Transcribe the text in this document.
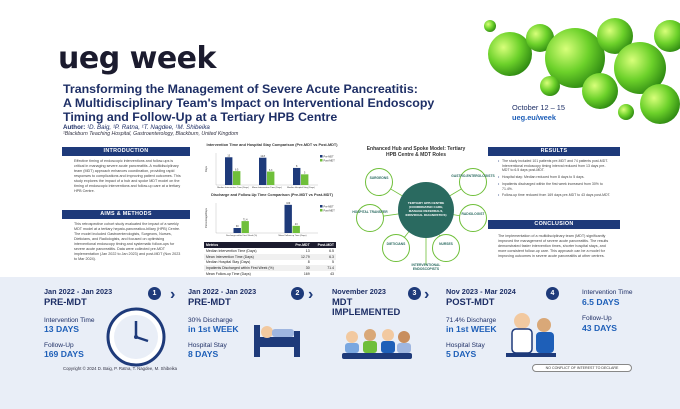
ueg week
Transforming the Management of Severe Acute Pancreatitis:
A Multidisciplinary Team's Impact on Interventional Endoscopy
Timing and Follow-Up at a Tertiary HPB Centre
Author: ¹D. Baig, ¹P. Ratna, ¹T. Nagdee, ¹M. Shibeika
¹Blackburn Teaching Hospital, Gastroenterology, Blackburn, United Kingdom
October 12 – 15
ueg.eu/week
INTRODUCTION
Effective timing of endoscopic interventions and follow-ups is critical in managing severe acute pancreatitis. A multidisciplinary team (MDT) approach enhances coordination, providing rapid responses to complications and improving patient outcomes. This study explores the impact of a hub and spoke MDT model on the timing of endoscopic interventions and follow-up care at a tertiary HPB Centre.
AIMS & METHODS
This retrospective cohort study evaluated the impact of a weekly MDT model at a tertiary hepato-pancreatico-biliary (HPB) Centre. The model included Gastroenterologists, Surgeons, Nurses, Dieticians, and Radiologists, and focused on optimising interventional endoscopy timing and systematic follow-ups for severe acute pancreatitis. Data were collected pre-MDT implementation (Jan 2022 to Jan 2023) and post-MDT (Nov 2023 to Mar 2024).
Intervention Time and Hospital Stay Comparison (Pre-MDT vs Post-MDT)
Days
13
6.5
Median Intervention Time (Days)
12.8
6.3
Mean Intervention Time (Days)
8
5
Median Hospital Stay (Days)
Pre-MDT
Post-MDT
Discharge and Follow-Up Time Comparison (Pre-MDT vs Post-MDT)
Percentage/Days	30
71.4
Discharge within First Week (%)
169
43
Mean Follow-up Time (Days)
Pre-MDT
Post-MDT
Metrics	Pre-MDT	Post-MDT
Median Intervention Time (Days)	13	6.5
Mean Intervention Time (Days)	12.79	6.3
Median Hospital Stay (Days)	8	5
Inpatients Discharged within First Week (%)	30	71.4
Mean Follow-up Time (Days)	169	43
Enhanced Hub and Spoke Model: Tertiary HPB Centre & MDT Roles
SURGEONS	GASTRO-ENTEROLOGISTS
RADIOLOGIST
NURSES
DIETICIANS
HOSPITAL TRANSFER
INTERVENTIONAL ENDOSCOPISTS
TERTIARY HPB CENTRE (COORDINATED CARE, MANAGE REFERRALS, INDIVIDUAL DIAGNOSTICS)
RESULTS
• The study included 101 patients pre-MDT and 74 patients post-MDT. Interventional endoscopy timing interval reduced from 13 days pre-MDT to 6.5 days post-MDT.
• Hospital stay: Median reduced from 8 days to 5 days.
• Inpatients discharged within the first week increased from 30% to 71.4%.
• Follow-up time reduced from 169 days pre-MDT to 43 days post-MDT.
CONCLUSION
The implementation of a multidisciplinary team (MDT) significantly improved the management of severe acute pancreatitis. The results demonstrated faster intervention times, shorter hospital stays, and more consistent follow-up care. This approach can be a model for improving outcomes in severe acute pancreatitis at other centres.
Jan 2022 - Jan 2023
PRE-MDT
1
Intervention Time
13 DAYS
Follow-Up
169 DAYS
› Jan 2022 - Jan 2023
PRE-MDT
2
30% Discharge
in 1st WEEK
Hospital Stay
8 DAYS
›	November 2023
MDT
IMPLEMENTED
3 › Nov 2023 - Mar 2024
POST-MDT
4
71.4% Discharge
in 1st WEEK
Hospital Stay
5 DAYS
Intervention Time
6.5 DAYS
Follow-Up
43 DAYS
Copyright © 2024 D. Baig, P. Ratna, T. Nagdee, M. Shibeika	NO CONFLICT OF INTEREST TO DECLARE
